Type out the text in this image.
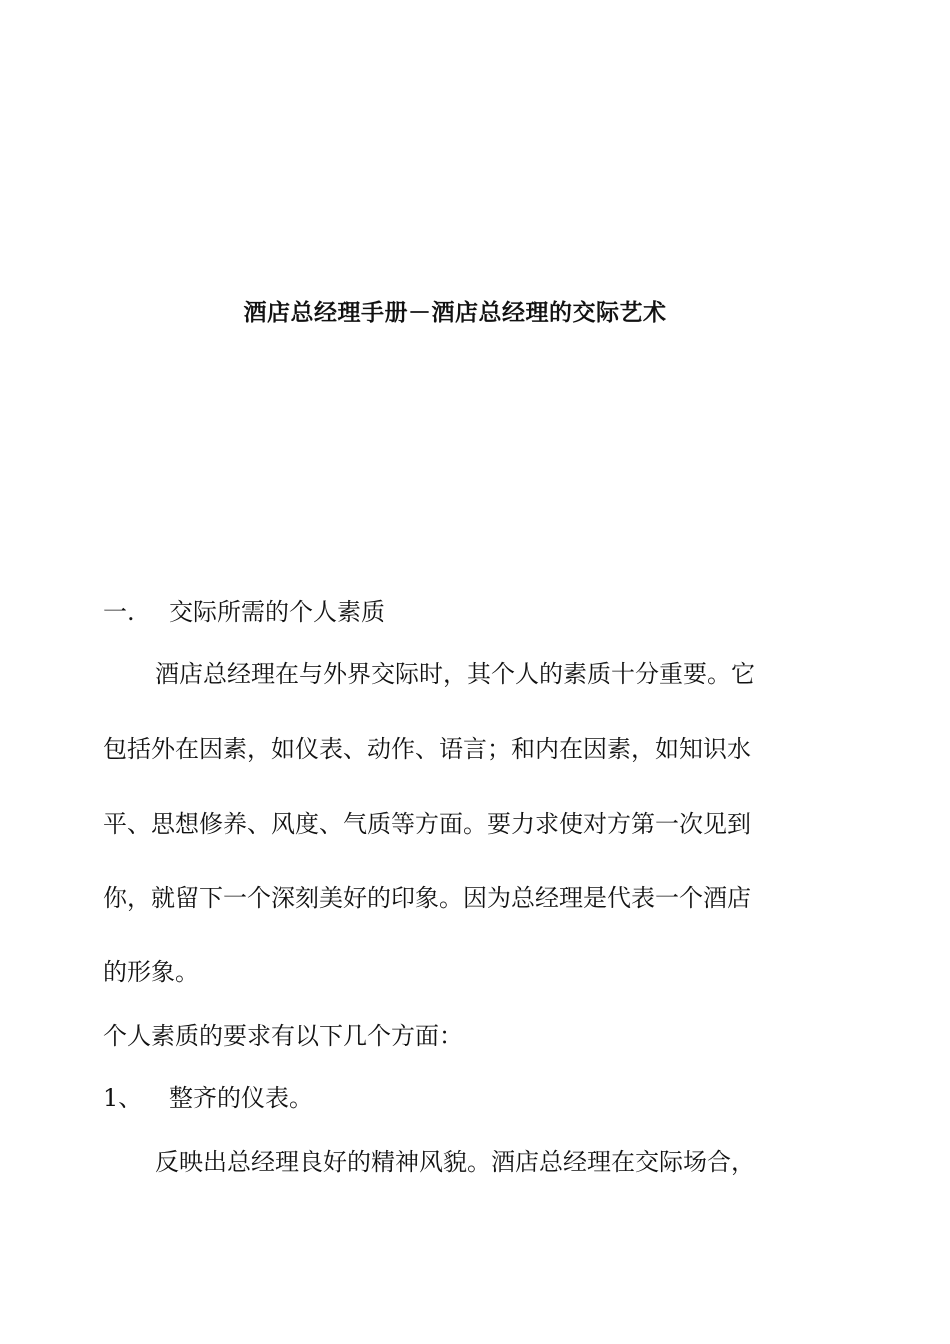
酒店总经理手册－酒店总经理的交际艺术
一. 交际所需的个人素质
酒店总经理在与外界交际时，其个人的素质十分重要。它
包括外在因素，如仪表、动作、语言；和内在因素，如知识水
平、思想修养、风度、气质等方面。要力求使对方第一次见到
你，就留下一个深刻美好的印象。因为总经理是代表一个酒店
的形象。
个人素质的要求有以下几个方面：
1、 整齐的仪表。
反映出总经理良好的精神风貌。酒店总经理在交际场合，
